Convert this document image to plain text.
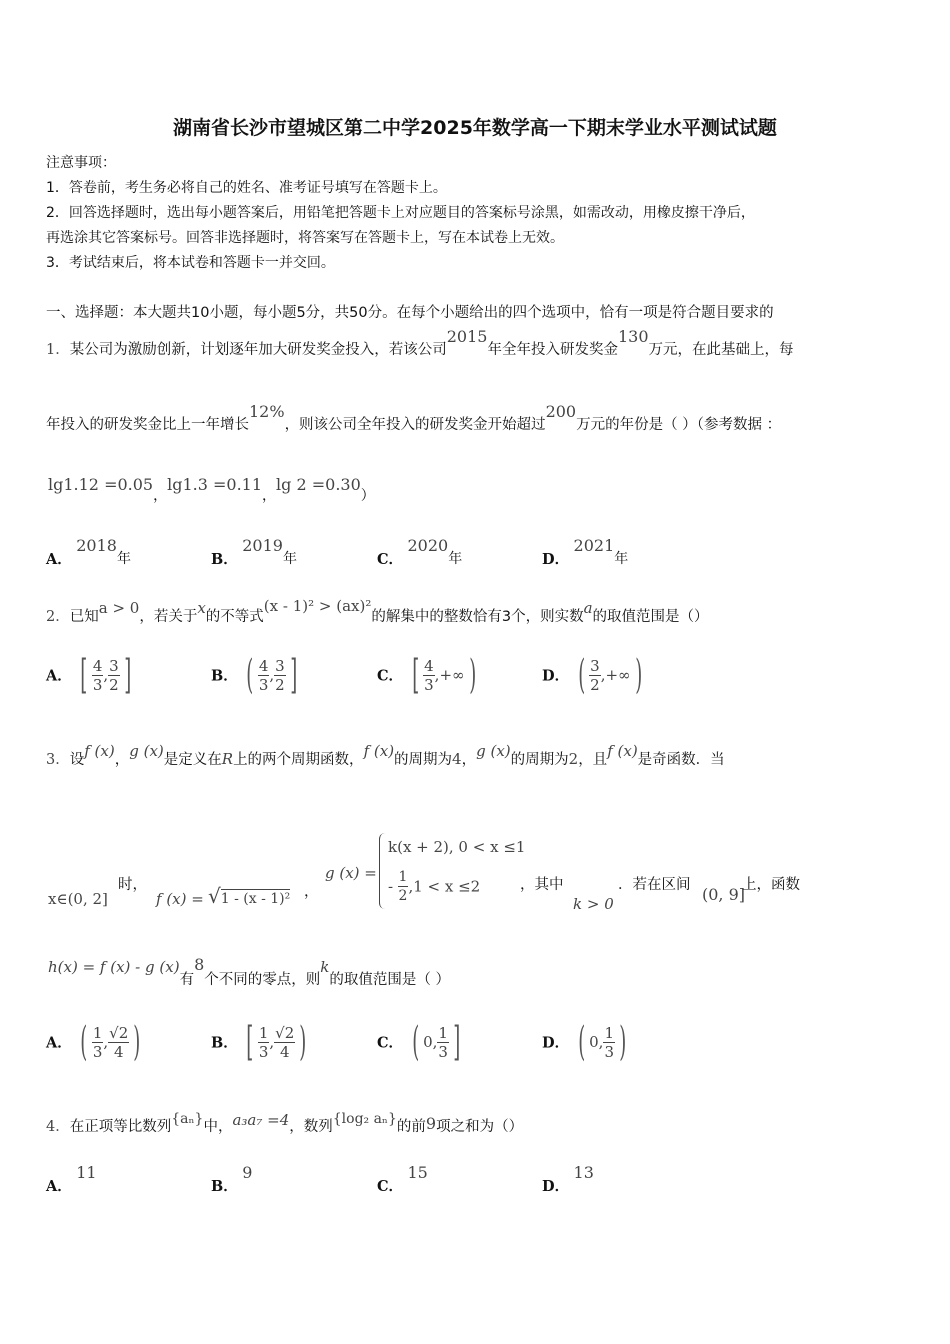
湖南省长沙市望城区第二中学2025年数学高一下期末学业水平测试试题
注意事项：
1．答卷前，考生务必将自己的姓名、准考证号填写在答题卡上。
2．回答选择题时，选出每小题答案后，用铅笔把答题卡上对应题目的答案标号涂黑，如需改动，用橡皮擦干净后，
再选涂其它答案标号。回答非选择题时，将答案写在答题卡上，写在本试卷上无效。
3．考试结束后，将本试卷和答题卡一并交回。
一、选择题：本大题共10小题，每小题5分，共50分。在每个小题给出的四个选项中，恰有一项是符合题目要求的
1．某公司为激励创新，计划逐年加大研发奖金投入，若该公司2015年全年投入研发奖金130万元，在此基础上，每
年投入的研发奖金比上一年增长12%，则该公司全年投入的研发奖金开始超过200万元的年份是（ ）（参考数据 ：
lg1.12 =0.05，lg1.3 =0.11，lg 2 =0.30）
A． 2018年	B． 2019年	C． 2020年	D． 2021年
2．已知a > 0，若关于x的不等式(x - 1)² > (ax)²的解集中的整数恰有3个，则实数a的取值范围是（）
A． [ $\frac{4}{3}$ , $\frac{3}{2}$ ]	B． ( $\frac{4}{3}$ , $\frac{3}{2}$ ]	C． [ $\frac{4}{3}$ ,+∞ )	D． ( $\frac{3}{2}$ ,+∞ )
3．设f (x)，g (x)是定义在R上的两个周期函数，f (x)的周期为4，g (x)的周期为2，且f (x)是奇函数．当
x∈(0, 2]
时，
f (x) = √1 - (x - 1)² ，
g (x) =
k(x + 2), 0 < x ≤1
- $\frac{1}{2} ,1 < x \le 2$	，其中
k > 0
．若在区间 (0, 9]
上，函数
h(x) = f (x) - g (x)有8个不同的零点，则k的取值范围是（ ）
A． ( $\frac{1}{3}$ , $\frac{√2}{4}$ )	B． [ $\frac{1}{3}$ , $\frac{√2}{4}$ )	C． ( 0, $\frac{1}{3}$ ]	D． ( 0, $\frac{1}{3}$ )
4．在正项等比数列{aₙ}中，a₃a₇ =4，数列{log₂ aₙ}的前9项之和为（）
A． 11
B． 9
C． 15
D． 13
